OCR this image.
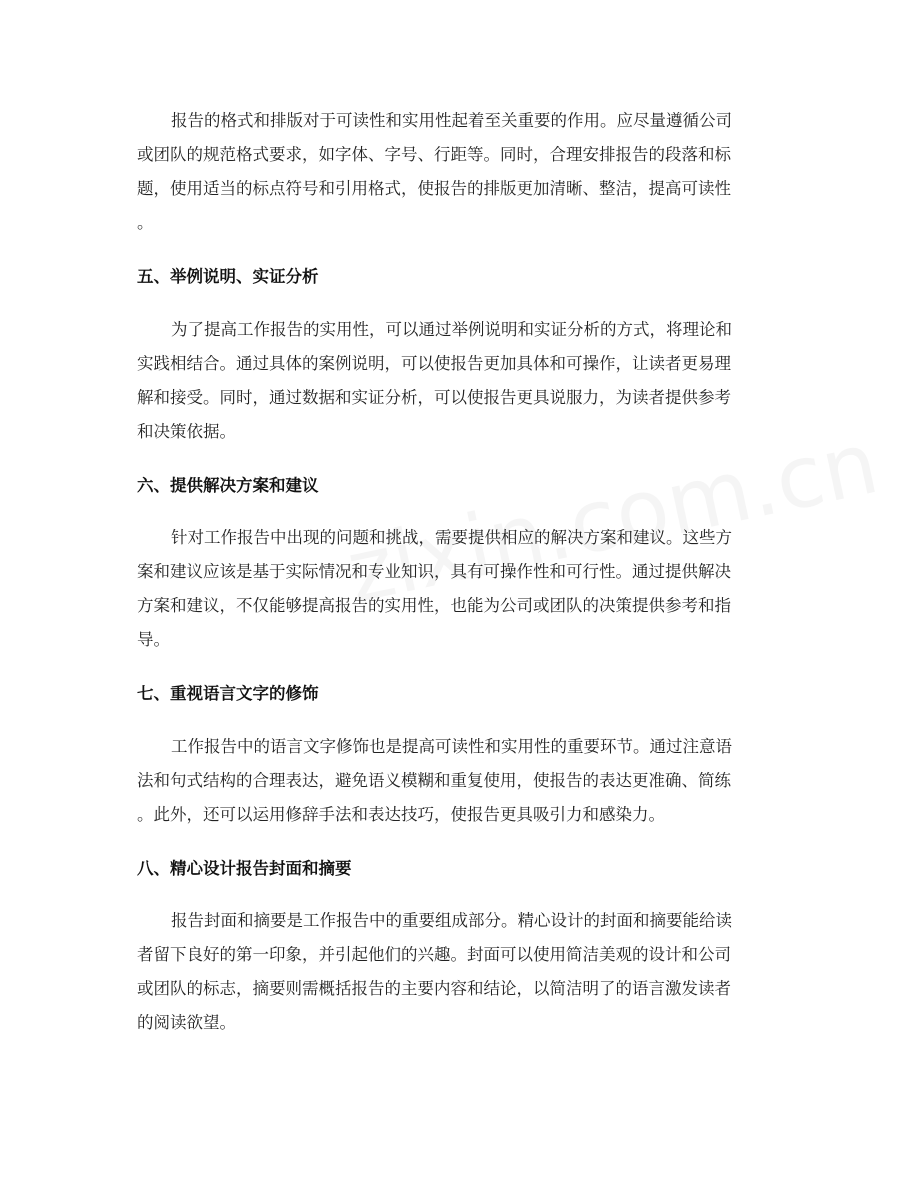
报告的格式和排版对于可读性和实用性起着至关重要的作用。应尽量遵循公司
或团队的规范格式要求，如字体、字号、行距等。同时，合理安排报告的段落和标
题，使用适当的标点符号和引用格式，使报告的排版更加清晰、整洁，提高可读性
。
五、举例说明、实证分析
为了提高工作报告的实用性，可以通过举例说明和实证分析的方式，将理论和
实践相结合。通过具体的案例说明，可以使报告更加具体和可操作，让读者更易理
解和接受。同时，通过数据和实证分析，可以使报告更具说服力，为读者提供参考
和决策依据。
六、提供解决方案和建议
针对工作报告中出现的问题和挑战，需要提供相应的解决方案和建议。这些方
案和建议应该是基于实际情况和专业知识，具有可操作性和可行性。通过提供解决
方案和建议，不仅能够提高报告的实用性，也能为公司或团队的决策提供参考和指
导。
七、重视语言文字的修饰
工作报告中的语言文字修饰也是提高可读性和实用性的重要环节。通过注意语
法和句式结构的合理表达，避免语义模糊和重复使用，使报告的表达更准确、简练
。此外，还可以运用修辞手法和表达技巧，使报告更具吸引力和感染力。
八、精心设计报告封面和摘要
报告封面和摘要是工作报告中的重要组成部分。精心设计的封面和摘要能给读
者留下良好的第一印象，并引起他们的兴趣。封面可以使用简洁美观的设计和公司
或团队的标志，摘要则需概括报告的主要内容和结论，以简洁明了的语言激发读者
的阅读欲望。
